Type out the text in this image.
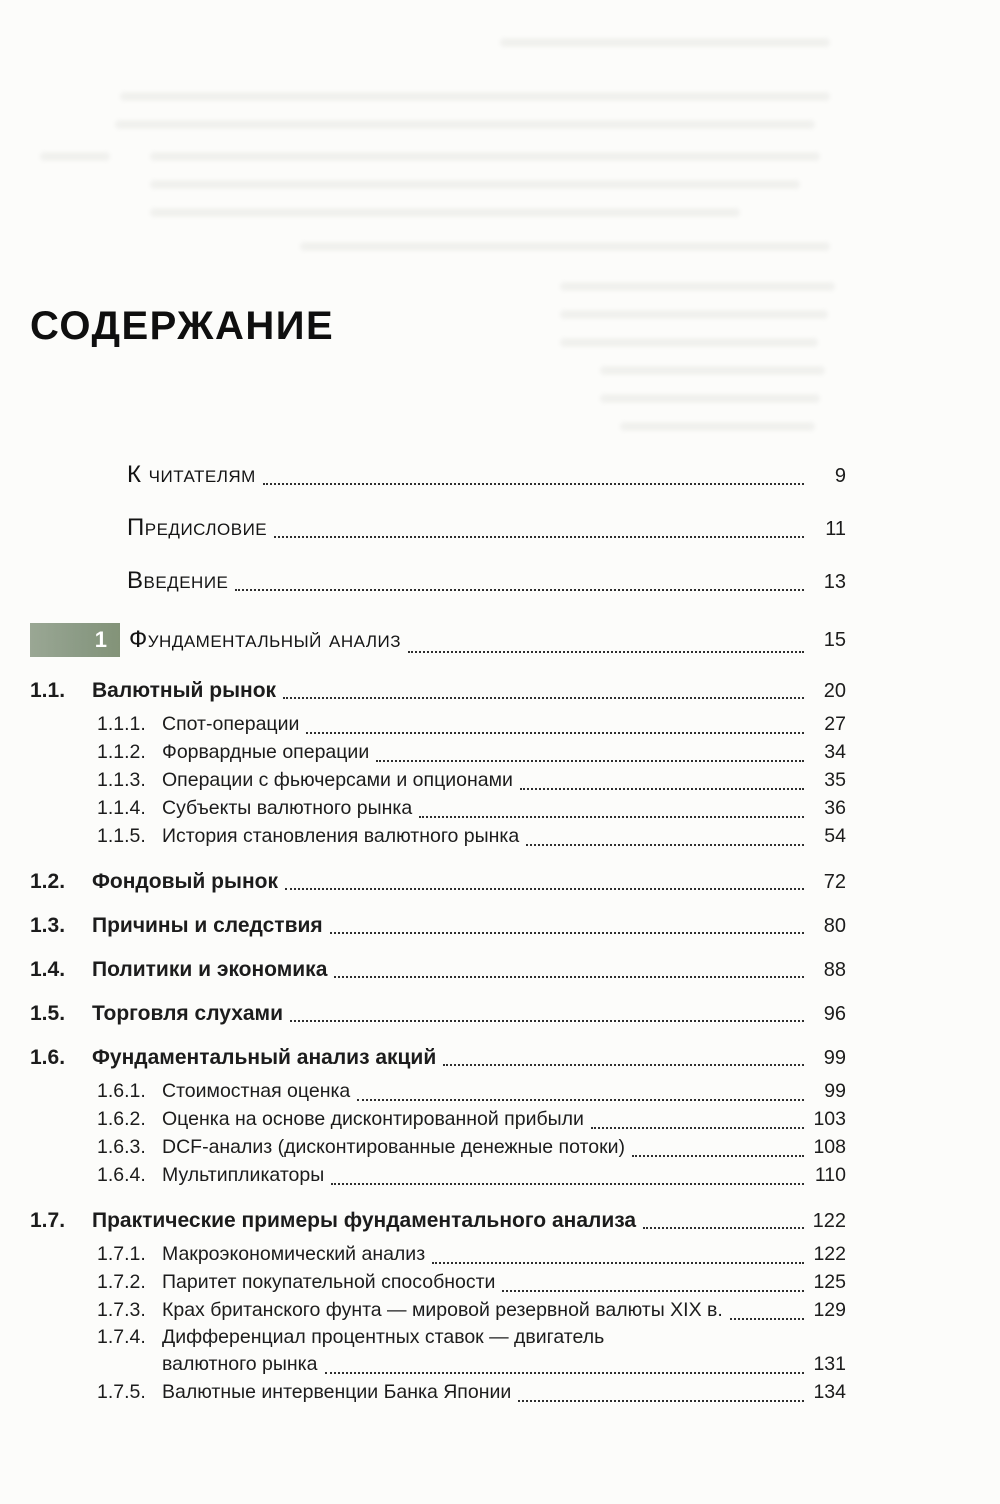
СОДЕРЖАНИЕ
К читателям	9
Предисловие	11
Введение	13
1 Фундаментальный анализ	15
1.1.	Валютный рынок	20
1.1.1. Спот-операции	27
1.1.2. Форвардные операции	34
1.1.3. Операции с фьючерсами и опционами	35
1.1.4. Субъекты валютного рынка	36
1.1.5. История становления валютного рынка	54
1.2.	Фондовый рынок	72
1.3.	Причины и следствия	80
1.4.	Политики и экономика	88
1.5.	Торговля слухами	96
1.6.	Фундаментальный анализ акций	99
1.6.1. Стоимостная оценка	99
1.6.2. Оценка на основе дисконтированной прибыли	103
1.6.3. DCF-анализ (дисконтированные денежные потоки)	108
1.6.4. Мультипликаторы	110
1.7.	Практические примеры фундаментального анализа	122
1.7.1. Макроэкономический анализ	122
1.7.2. Паритет покупательной способности	125
1.7.3. Крах британского фунта — мировой резервной валюты XIX в.	129
1.7.4. Дифференциал процентных ставок — двигатель
валютного рынка	131
1.7.5. Валютные интервенции Банка Японии	134
